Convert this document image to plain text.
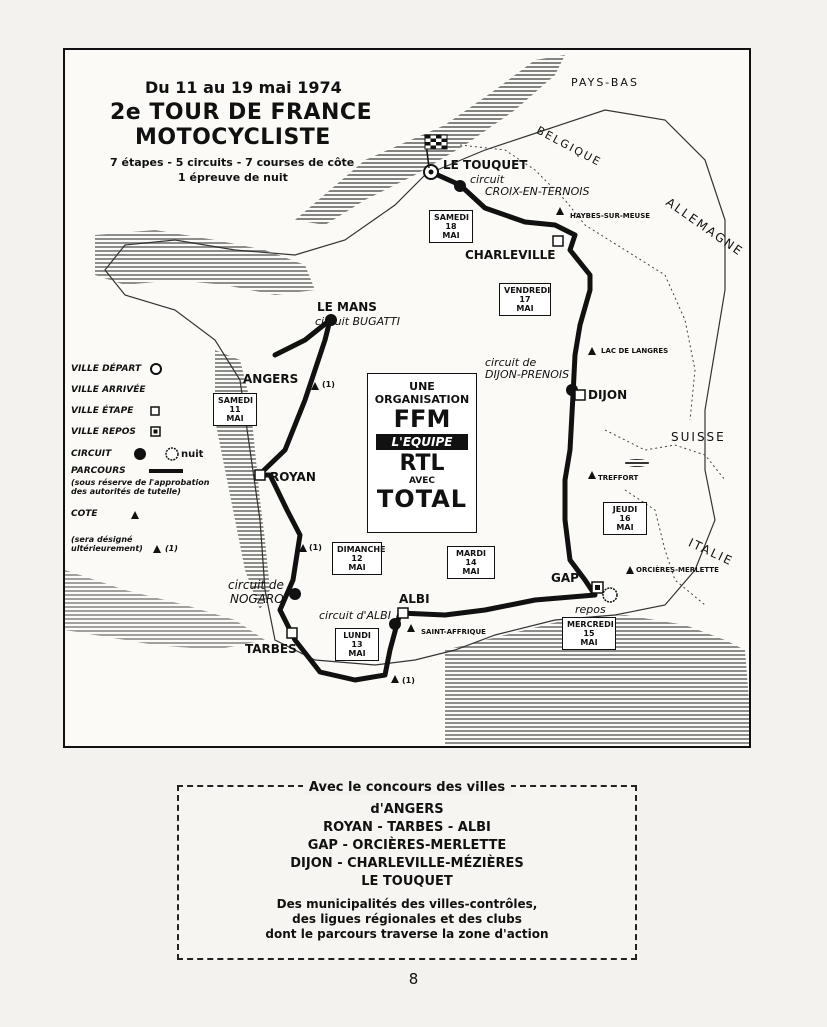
Du 11 au 19 mai 1974
2e TOUR DE FRANCE
MOTOCYCLISTE
7 étapes - 5 circuits - 7 courses de côte
1 épreuve de nuit
PAYS-BAS
BELGIQUE
ALLEMAGNE
SUISSE
ITALIE
LE TOUQUET
circuit
CROIX-EN-TERNOIS
HAYBES-SUR-MEUSE
CHARLEVILLE
LE MANS
circuit BUGATTI
ANGERS	(1)
LAC DE LANGRES
circuit de
DIJON-PRENOIS
DIJON
ROYAN	TREFFORT
(1)
circuit de
NOGARO
GAP
ORCIÈRES-MERLETTE
repos
ALBI
circuit d'ALBI
SAINT-AFFRIQUE
TARBES
(1)
SAMEDI
11
MAI
DIMANCHE
12
MAI
LUNDI
13
MAI
MARDI
14
MAI
MERCREDI
15
MAI
JEUDI
16
MAI
VENDREDI
17
MAI
SAMEDI
18
MAI
VILLE DÉPART
VILLE ARRIVÉE
VILLE ÉTAPE
VILLE REPOS
CIRCUIT	nuit
PARCOURS
(sous réserve de l'approbation
des autorités de tutelle)
COTE
(sera désigné
ultérieurement)	(1)
UNE
ORGANISATION
FFM
L'EQUIPE
RTL
AVEC
TOTAL
Avec le concours des villes
d'ANGERS
ROYAN - TARBES - ALBI
GAP - ORCIÈRES-MERLETTE
DIJON - CHARLEVILLE-MÉZIÈRES
LE TOUQUET
Des municipalités des villes-contrôles,
des ligues régionales et des clubs
dont le parcours traverse la zone d'action
8
